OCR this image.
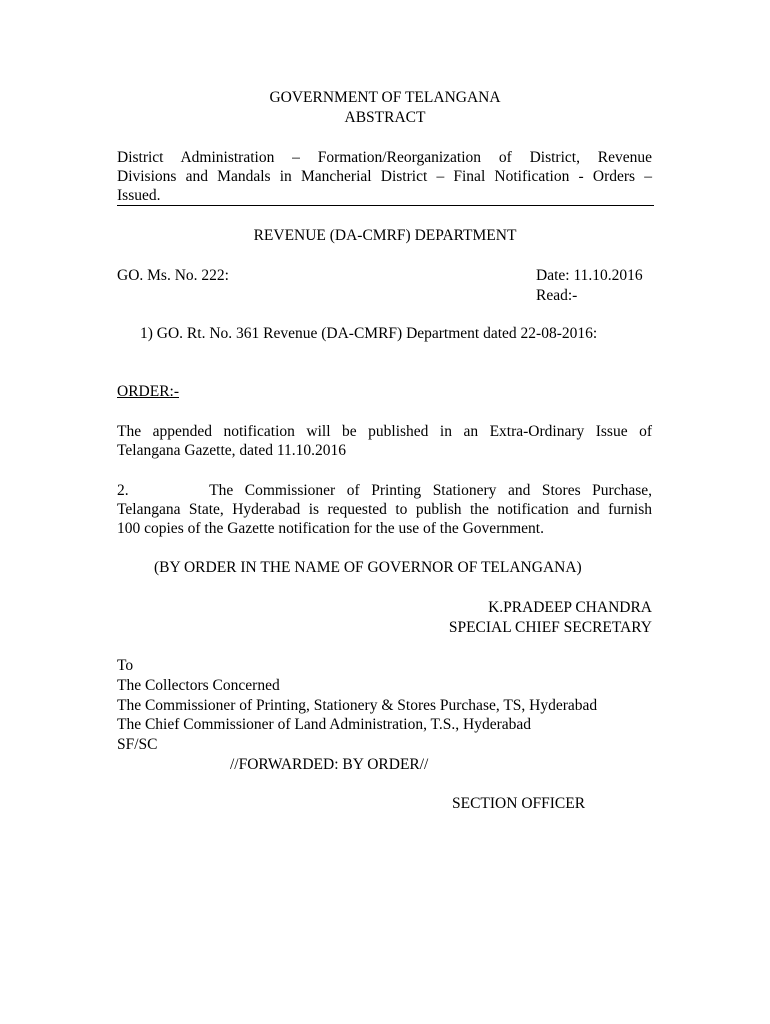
GOVERNMENT OF TELANGANA
ABSTRACT
District Administration – Formation/Reorganization of District, Revenue
Divisions and Mandals in Mancherial District – Final Notification - Orders –
Issued.
REVENUE (DA-CMRF) DEPARTMENT
GO. Ms. No. 222:	Date: 11.10.2016
Read:-
1) GO. Rt. No. 361 Revenue (DA-CMRF) Department dated 22-08-2016:
ORDER:-
The appended notification will be published in an Extra-Ordinary Issue of
Telangana Gazette, dated 11.10.2016
2.       The Commissioner of Printing Stationery and Stores Purchase,
Telangana State, Hyderabad is requested to publish the notification and furnish
100 copies of the Gazette notification for the use of the Government.
(BY ORDER IN THE NAME OF GOVERNOR OF TELANGANA)
K.PRADEEP CHANDRA
SPECIAL CHIEF SECRETARY
To
The Collectors Concerned
The Commissioner of Printing, Stationery & Stores Purchase, TS, Hyderabad
The Chief Commissioner of Land Administration, T.S., Hyderabad
SF/SC
//FORWARDED: BY ORDER//
SECTION OFFICER
